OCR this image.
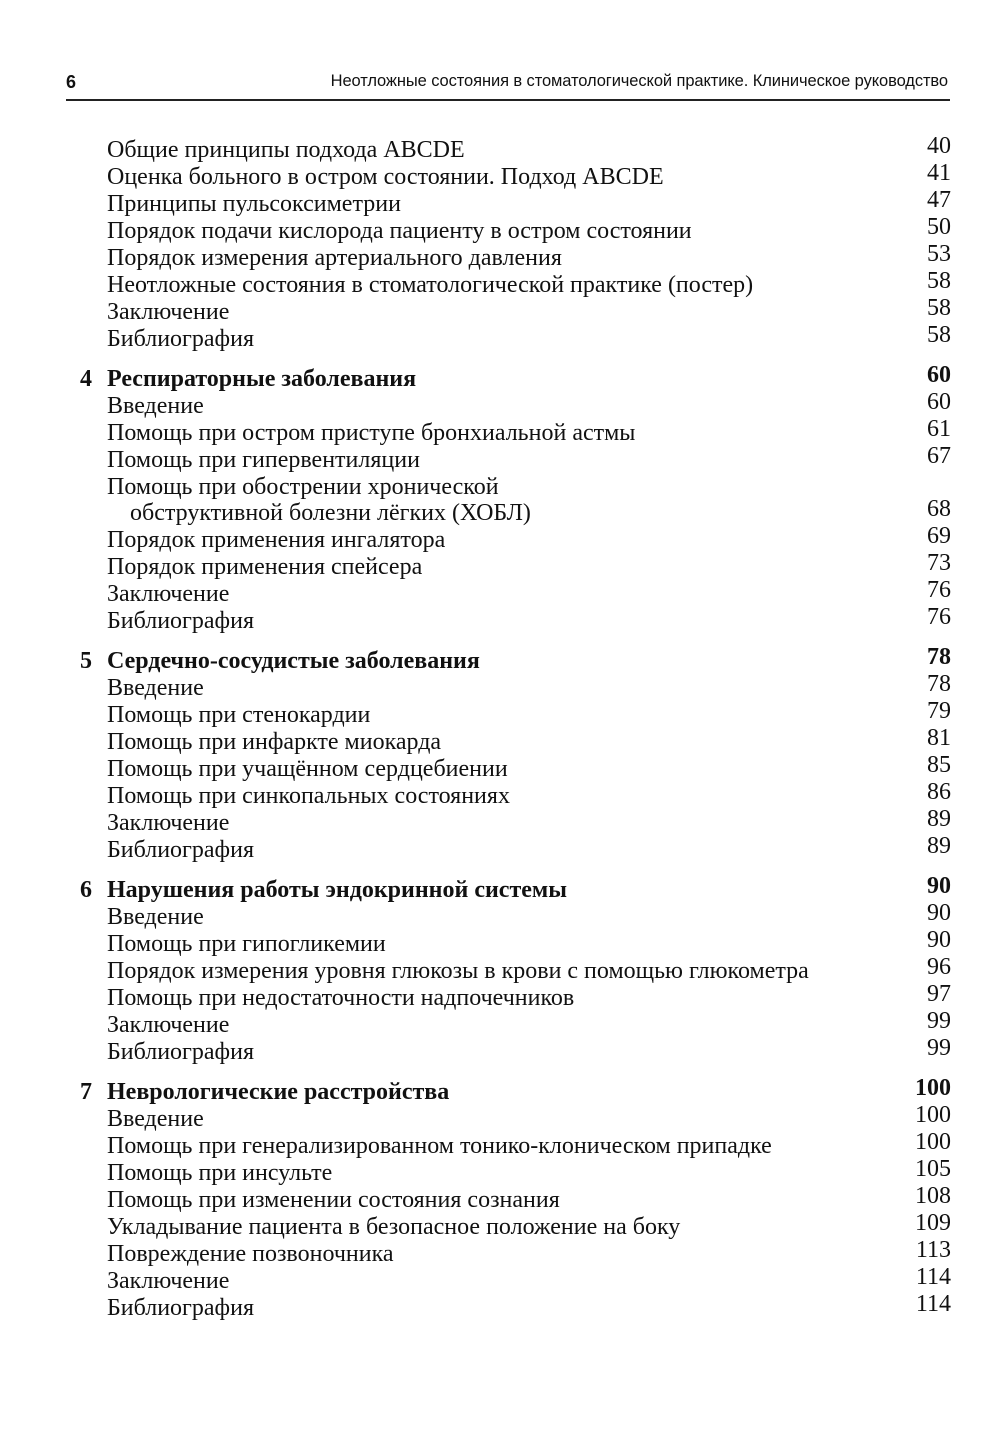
6	Неотложные состояния в стоматологической практике. Клиническое руководство
Общие принципы подхода ABCDE	40
Оценка больного в остром состоянии. Подход ABCDE	41
Принципы пульсоксиметрии	47
Порядок подачи кислорода пациенту в остром состоянии	50
Порядок измерения артериального давления	53
Неотложные состояния в стоматологической практике (постер)	58
Заключение	58
Библиография	58
4 Респираторные заболевания	60
Введение	60
Помощь при остром приступе бронхиальной астмы	61
Помощь при гипервентиляции	67
Помощь при обострении хронической
обструктивной болезни лёгких (ХОБЛ)	68
Порядок применения ингалятора	69
Порядок применения спейсера	73
Заключение	76
Библиография	76
5 Сердечно-сосудистые заболевания	78
Введение	78
Помощь при стенокардии	79
Помощь при инфаркте миокарда	81
Помощь при учащённом сердцебиении	85
Помощь при синкопальных состояниях	86
Заключение	89
Библиография	89
6 Нарушения работы эндокринной системы	90
Введение	90
Помощь при гипогликемии	90
Порядок измерения уровня глюкозы в крови с помощью глюкометра	96
Помощь при недостаточности надпочечников	97
Заключение	99
Библиография	99
7 Неврологические расстройства	100
Введение	100
Помощь при генерализированном тонико-клоническом припадке	100
Помощь при инсульте	105
Помощь при изменении состояния сознания	108
Укладывание пациента в безопасное положение на боку	109
Повреждение позвоночника	113
Заключение	114
Библиография	114
